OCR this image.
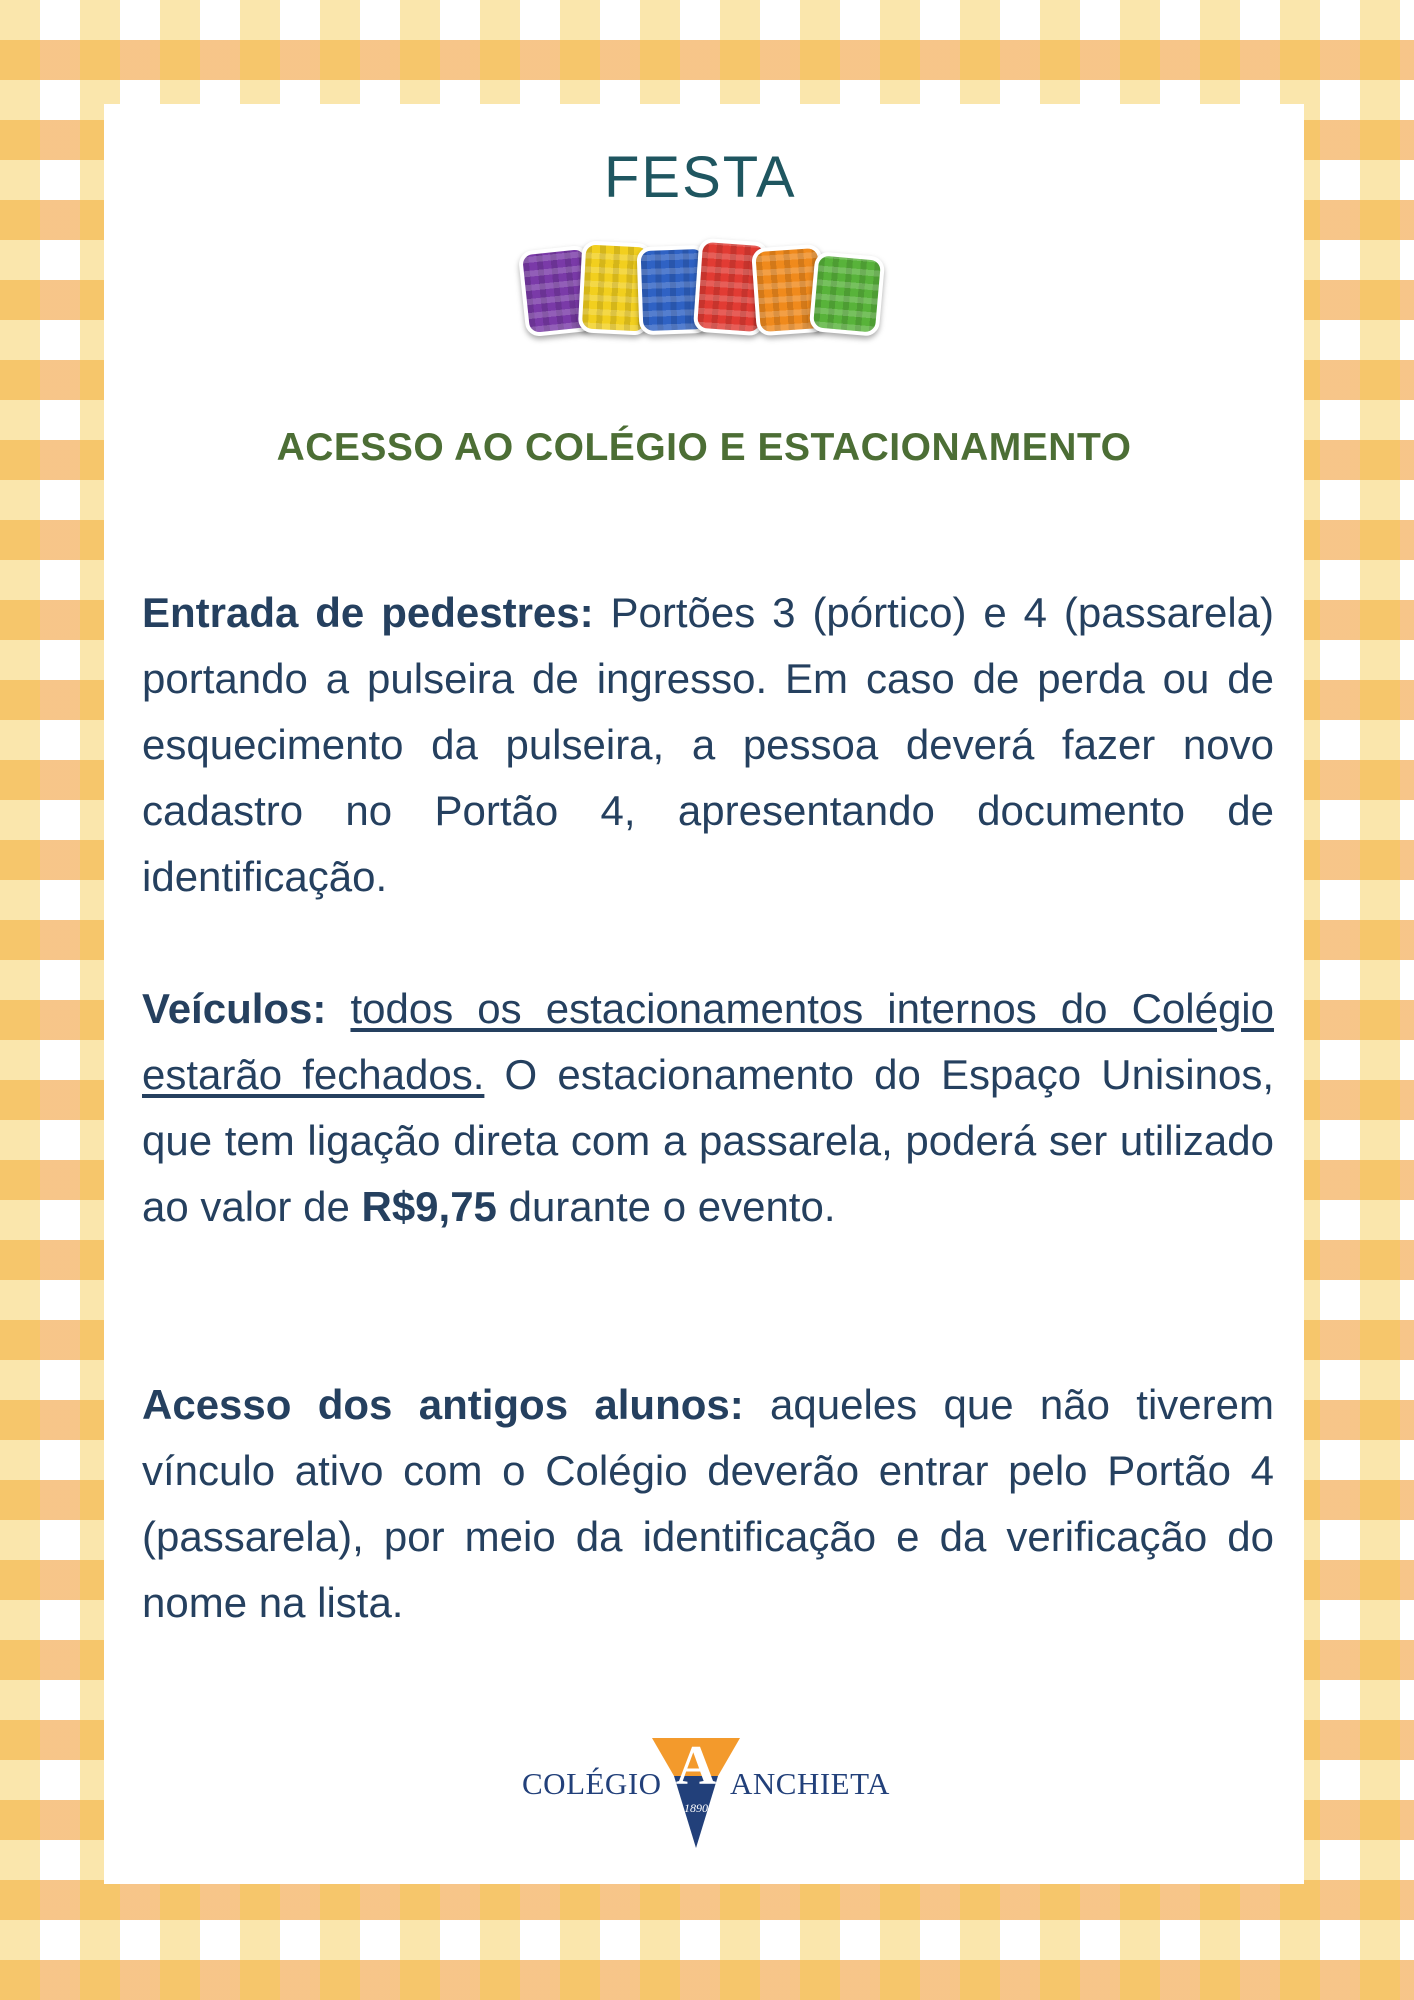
FESTA
ACESSO AO COLÉGIO E ESTACIONAMENTO

Entrada de pedestres: Portões 3 (pórtico) e 4 (passarela) portando a pulseira de ingresso. Em caso de perda ou de esquecimento da pulseira, a pessoa deverá fazer novo cadastro no Portão 4, apresentando documento de identificação.

Veículos: todos os estacionamentos internos do Colégio estarão fechados. O estacionamento do Espaço Unisinos, que tem ligação direta com a passarela, poderá ser utilizado ao valor de R$9,75 durante o evento.

Acesso dos antigos alunos: aqueles que não tiverem vínculo ativo com o Colégio deverão entrar pelo Portão 4 (passarela), por meio da identificação e da verificação do nome na lista.

COLÉGIO A
1890
ANCHIETA
